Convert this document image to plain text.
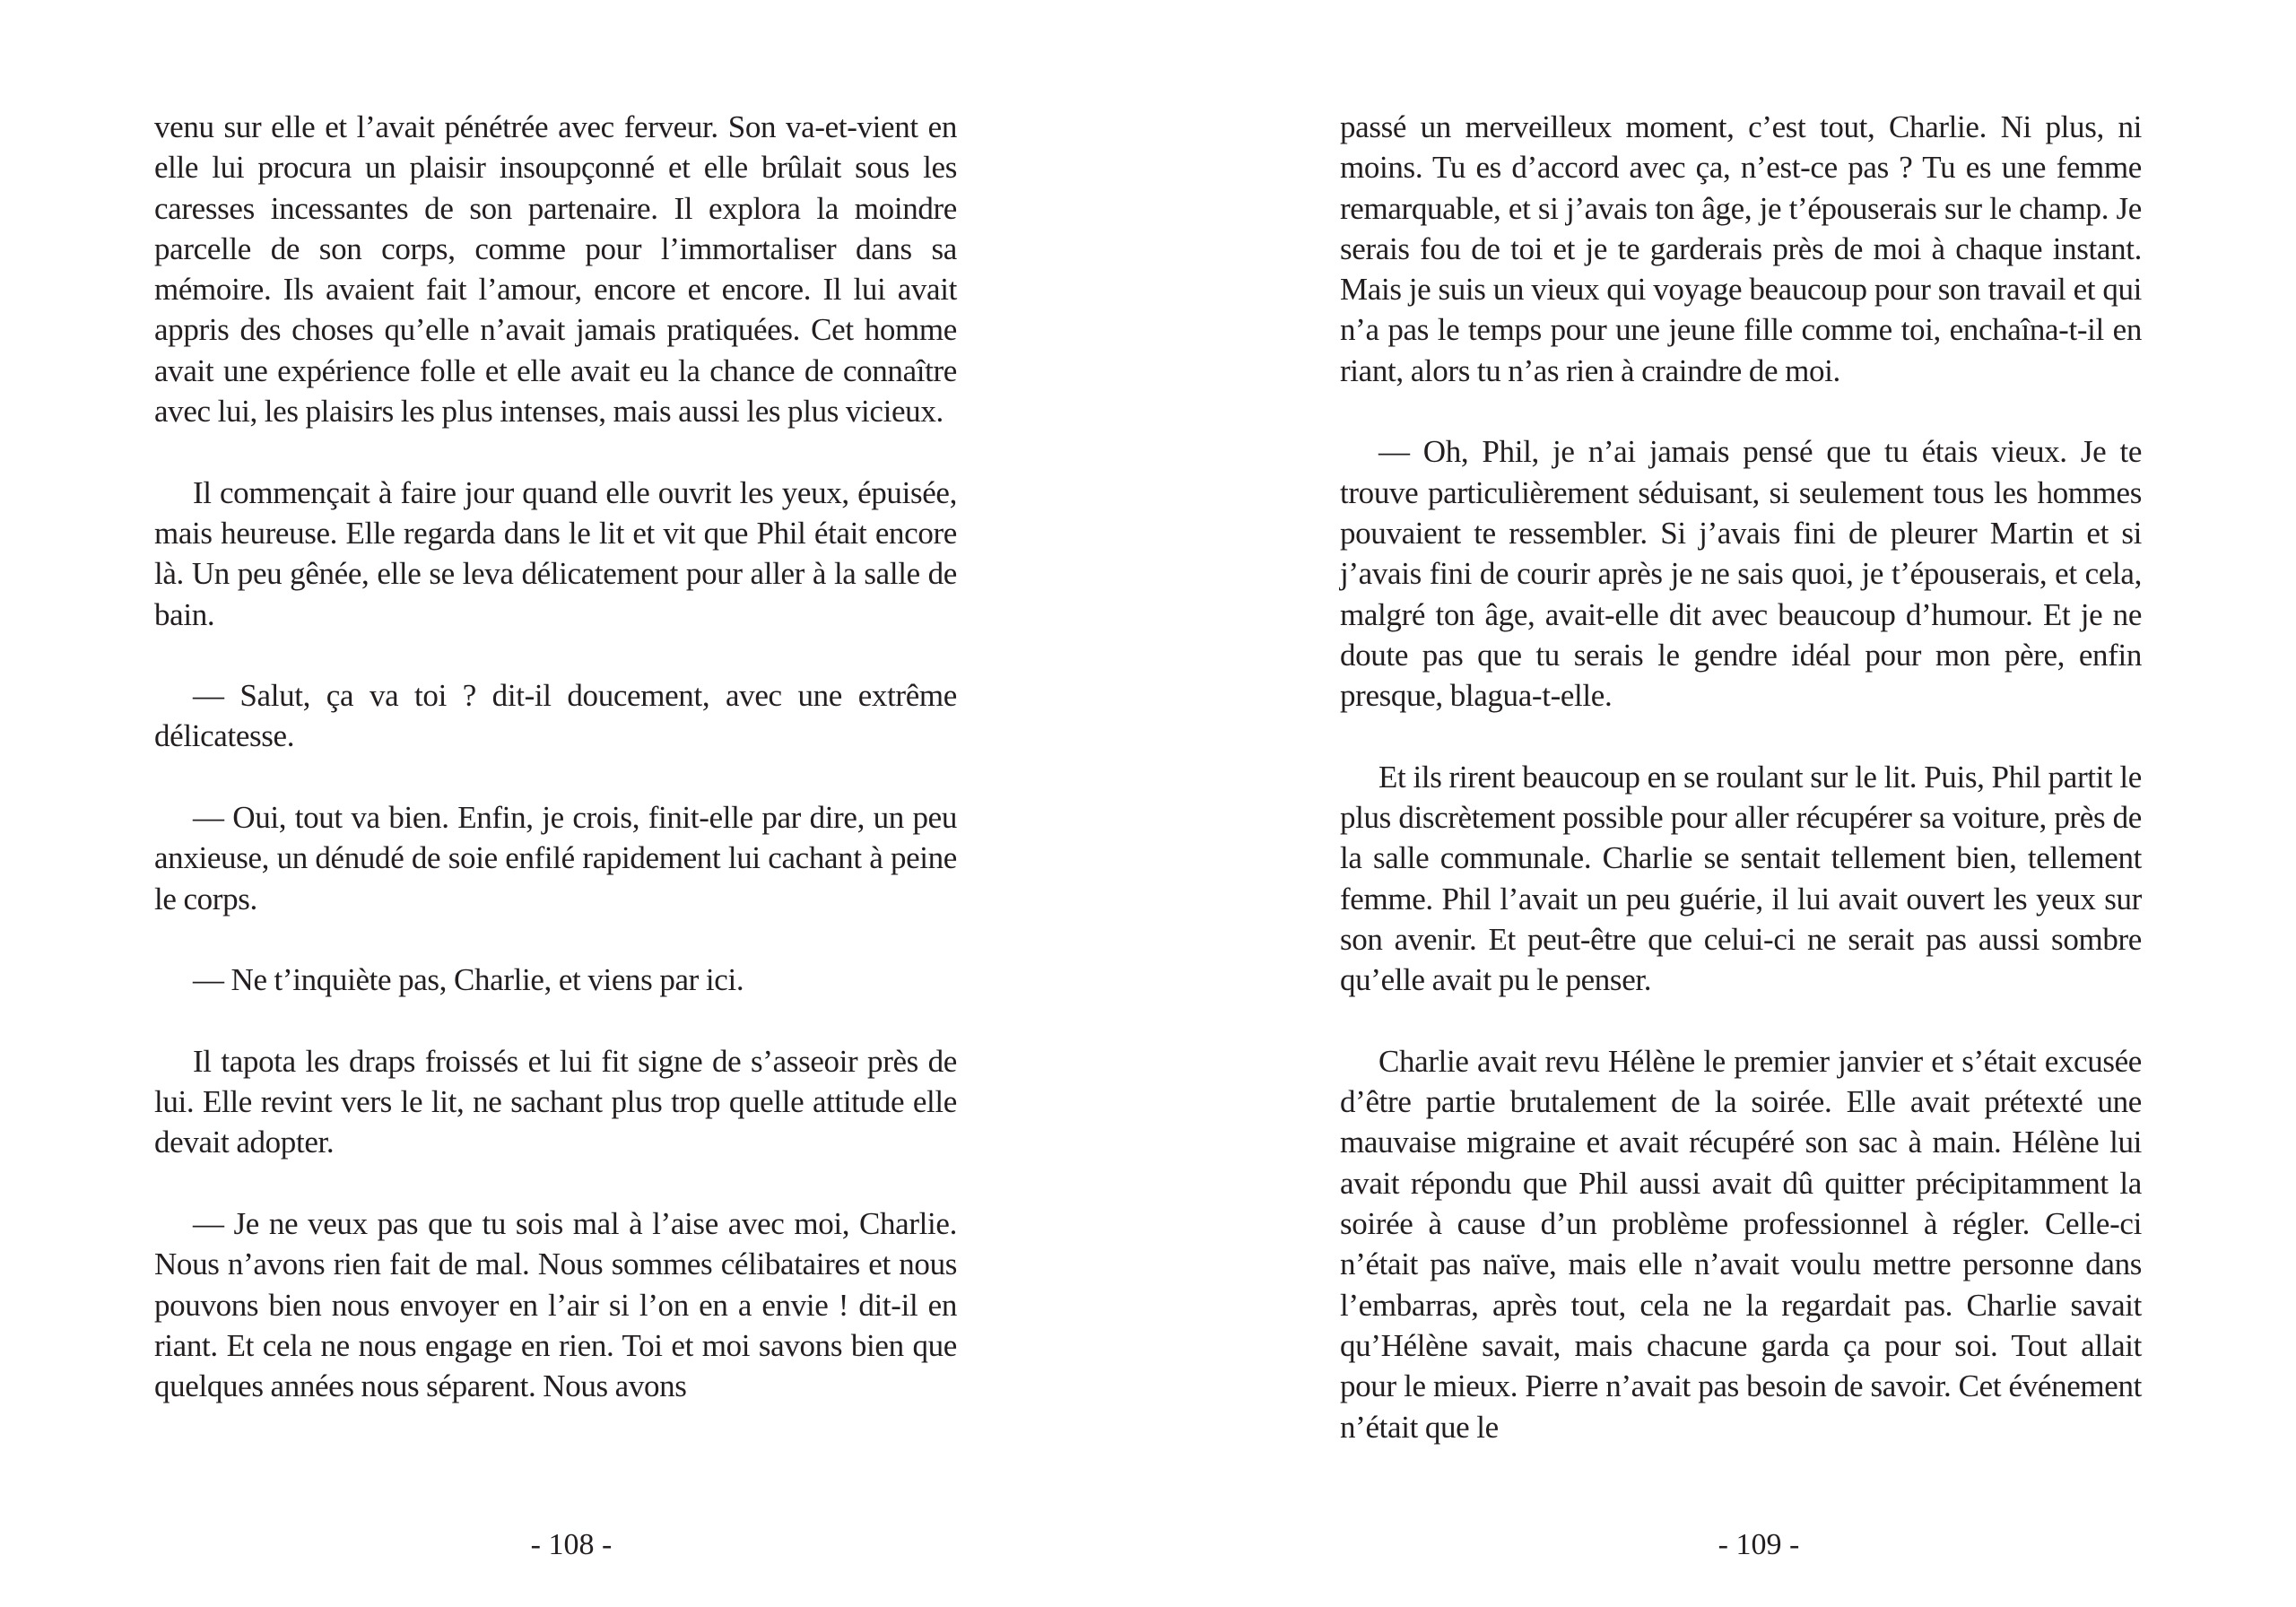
venu sur elle et l’avait pénétrée avec ferveur. Son va-et-vient en elle lui procura un plaisir insoupçonné et elle brûlait sous les caresses incessantes de son partenaire. Il explora la moindre parcelle de son corps, comme pour l’immortaliser dans sa mémoire. Ils avaient fait l’amour, encore et encore. Il lui avait appris des choses qu’elle n’avait jamais pratiquées. Cet homme avait une expérience folle et elle avait eu la chance de connaître avec lui, les plaisirs les plus intenses, mais aussi les plus vicieux.

Il commençait à faire jour quand elle ouvrit les yeux, épuisée, mais heureuse. Elle regarda dans le lit et vit que Phil était encore là. Un peu gênée, elle se leva délicatement pour aller à la salle de bain.

— Salut, ça va toi ? dit-il doucement, avec une extrême délicatesse.

— Oui, tout va bien. Enfin, je crois, finit-elle par dire, un peu anxieuse, un dénudé de soie enfilé rapidement lui cachant à peine le corps.

— Ne t’inquiète pas, Charlie, et viens par ici.

Il tapota les draps froissés et lui fit signe de s’asseoir près de lui. Elle revint vers le lit, ne sachant plus trop quelle attitude elle devait adopter.

— Je ne veux pas que tu sois mal à l’aise avec moi, Charlie. Nous n’avons rien fait de mal. Nous sommes célibataires et nous pouvons bien nous envoyer en l’air si l’on en a envie ! dit-il en riant. Et cela ne nous engage en rien. Toi et moi savons bien que quelques années nous séparent. Nous avons

- 108 -

passé un merveilleux moment, c’est tout, Charlie. Ni plus, ni moins. Tu es d’accord avec ça, n’est-ce pas ? Tu es une femme remarquable, et si j’avais ton âge, je t’épouserais sur le champ. Je serais fou de toi et je te garderais près de moi à chaque instant. Mais je suis un vieux qui voyage beaucoup pour son travail et qui n’a pas le temps pour une jeune fille comme toi, enchaîna-t-il en riant, alors tu n’as rien à craindre de moi.

— Oh, Phil, je n’ai jamais pensé que tu étais vieux. Je te trouve particulièrement séduisant, si seulement tous les hommes pouvaient te ressembler. Si j’avais fini de pleurer Martin et si j’avais fini de courir après je ne sais quoi, je t’épouserais, et cela, malgré ton âge, avait-elle dit avec beaucoup d’humour. Et je ne doute pas que tu serais le gendre idéal pour mon père, enfin presque, blagua-t-elle.

Et ils rirent beaucoup en se roulant sur le lit. Puis, Phil partit le plus discrètement possible pour aller récupérer sa voiture, près de la salle communale. Charlie se sentait tellement bien, tellement femme. Phil l’avait un peu guérie, il lui avait ouvert les yeux sur son avenir. Et peut-être que celui-ci ne serait pas aussi sombre qu’elle avait pu le penser.

Charlie avait revu Hélène le premier janvier et s’était excusée d’être partie brutalement de la soirée. Elle avait prétexté une mauvaise migraine et avait récupéré son sac à main. Hélène lui avait répondu que Phil aussi avait dû quitter précipitamment la soirée à cause d’un problème professionnel à régler. Celle-ci n’était pas naïve, mais elle n’avait voulu mettre personne dans l’embarras, après tout, cela ne la regardait pas. Charlie savait qu’Hélène savait, mais chacune garda ça pour soi. Tout allait pour le mieux. Pierre n’avait pas besoin de savoir. Cet événement n’était que le

- 109 -
